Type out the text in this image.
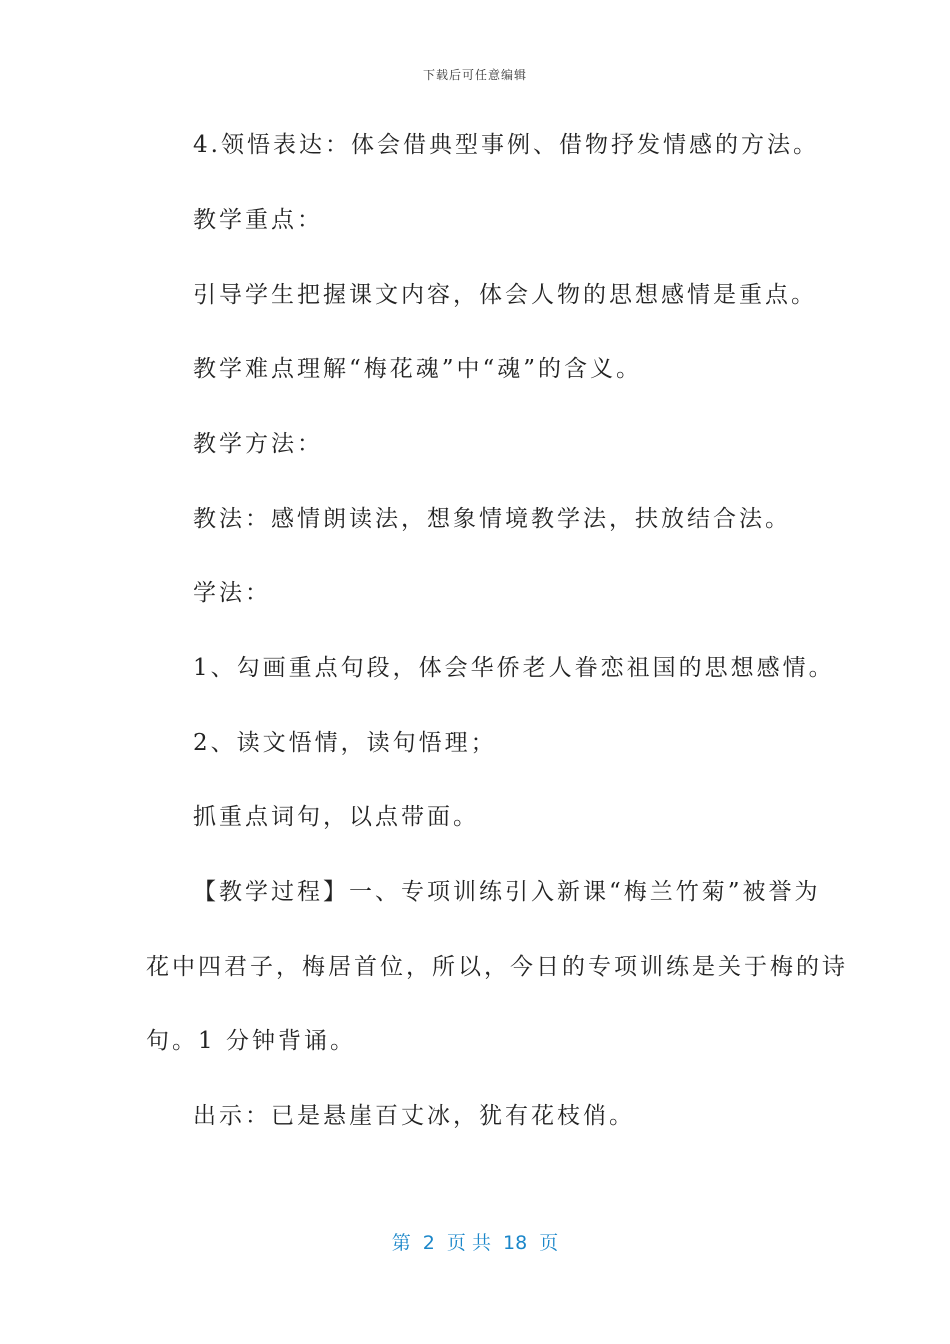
下载后可任意编辑
4.领悟表达：体会借典型事例、借物抒发情感的方法。
教学重点：
引导学生把握课文内容，体会人物的思想感情是重点。
教学难点理解“梅花魂”中“魂”的含义。
教学方法：
教法：感情朗读法，想象情境教学法，扶放结合法。
学法：
1、勾画重点句段，体会华侨老人眷恋祖国的思想感情。
2、读文悟情，读句悟理；
抓重点词句，以点带面。
【教学过程】一、专项训练引入新课“梅兰竹菊”被誉为
花中四君子，梅居首位，所以，今日的专项训练是关于梅的诗
句。1 分钟背诵。
出示：已是悬崖百丈冰，犹有花枝俏。
第  2  页 共  18  页
